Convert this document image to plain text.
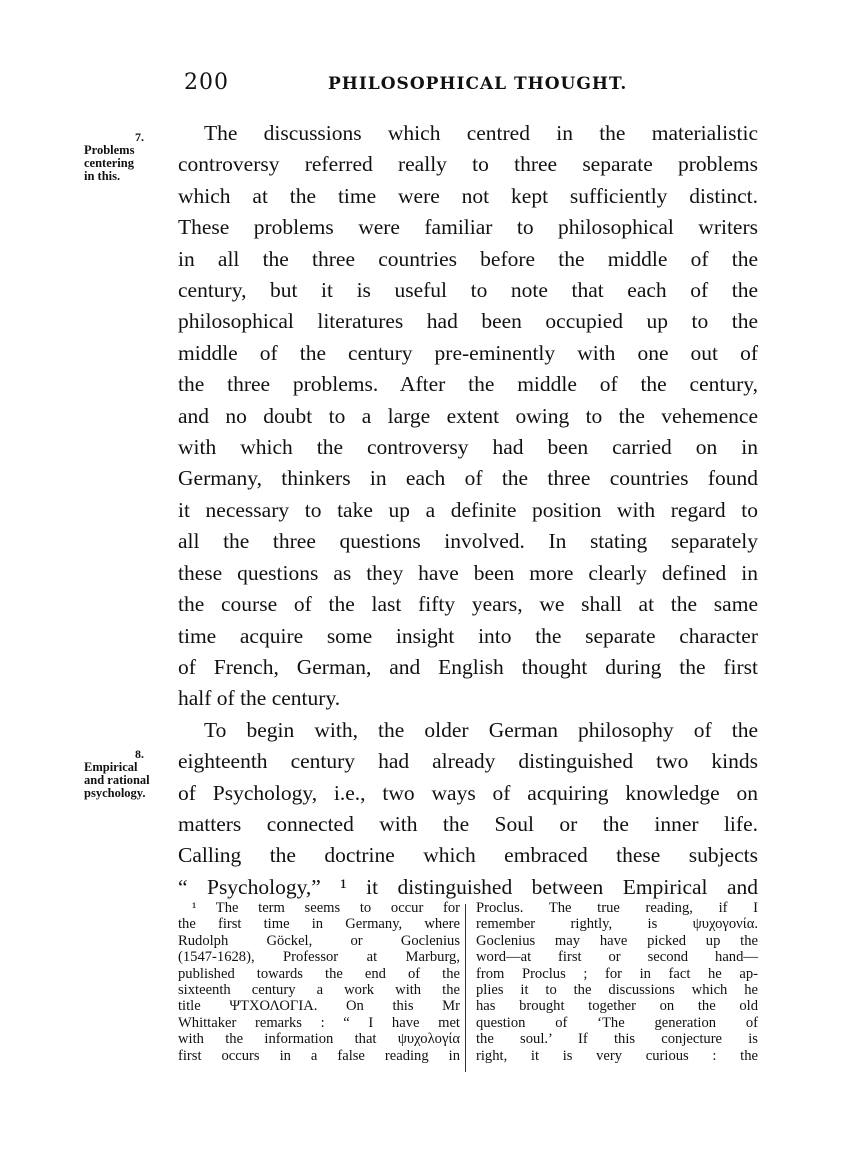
200	PHILOSOPHICAL THOUGHT.
7.
Problems
centering
in this.
8.
Empirical
and rational
psychology.
The discussions which centred in the materialistic
controversy referred really to three separate problems
which at the time were not kept sufficiently distinct.
These problems were familiar to philosophical writers
in all the three countries before the middle of the
century, but it is useful to note that each of the
philosophical literatures had been occupied up to the
middle of the century pre-eminently with one out of
the three problems. After the middle of the century,
and no doubt to a large extent owing to the vehemence
with which the controversy had been carried on in
Germany, thinkers in each of the three countries found
it necessary to take up a definite position with regard to
all the three questions involved. In stating separately
these questions as they have been more clearly defined in
the course of the last fifty years, we shall at the same
time acquire some insight into the separate character
of French, German, and English thought during the first
half of the century.
To begin with, the older German philosophy of the
eighteenth century had already distinguished two kinds
of Psychology, i.e., two ways of acquiring knowledge on
matters connected with the Soul or the inner life.
Calling the doctrine which embraced these subjects
“ Psychology,” ¹ it distinguished between Empirical and
¹ The term seems to occur for
the first time in Germany, where
Rudolph Göckel, or Goclenius
(1547-1628), Professor at Marburg,
published towards the end of the
sixteenth century a work with the
title ΨΤΧΟΛΟΓΙΑ. On this Mr
Whittaker remarks : “ I have met
with the information that ψυχολογία
first occurs in a false reading in
Proclus. The true reading, if I
remember rightly, is ψυχογονία.
Goclenius may have picked up the
word—at first or second hand—
from Proclus ; for in fact he ap-
plies it to the discussions which he
has brought together on the old
question of ‘The generation of
the soul.’ If this conjecture is
right, it is very curious : the
